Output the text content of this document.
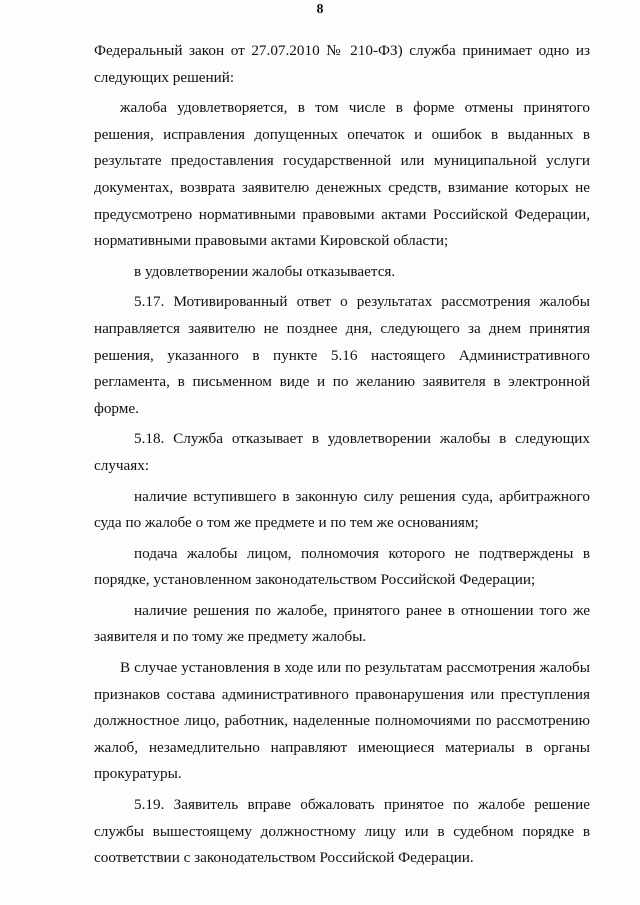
8

Федеральный закон от 27.07.2010 № 210-ФЗ) служба принимает одно из следующих решений:

жалоба удовлетворяется, в том числе в форме отмены принятого решения, исправления допущенных опечаток и ошибок в выданных в результате предоставления государственной или муниципальной услуги документах, возврата заявителю денежных средств, взимание которых не предусмотрено нормативными правовыми актами Российской Федерации, нормативными правовыми актами Кировской области;

в удовлетворении жалобы отказывается.

5.17. Мотивированный ответ о результатах рассмотрения жалобы направляется заявителю не позднее дня, следующего за днем принятия решения, указанного в пункте 5.16 настоящего Административного регламента, в письменном виде и по желанию заявителя в электронной форме.

5.18. Служба отказывает в удовлетворении жалобы в следующих случаях:

наличие вступившего в законную силу решения суда, арбитражного суда по жалобе о том же предмете и по тем же основаниям;

подача жалобы лицом, полномочия которого не подтверждены в порядке, установленном законодательством Российской Федерации;

наличие решения по жалобе, принятого ранее в отношении того же заявителя и по тому же предмету жалобы.

В случае установления в ходе или по результатам рассмотрения жалобы признаков состава административного правонарушения или преступления должностное лицо, работник, наделенные полномочиями по рассмотрению жалоб, незамедлительно направляют имеющиеся материалы в органы прокуратуры.

5.19. Заявитель вправе обжаловать принятое по жалобе решение службы вышестоящему должностному лицу или в судебном порядке в соответствии с законодательством Российской Федерации.
